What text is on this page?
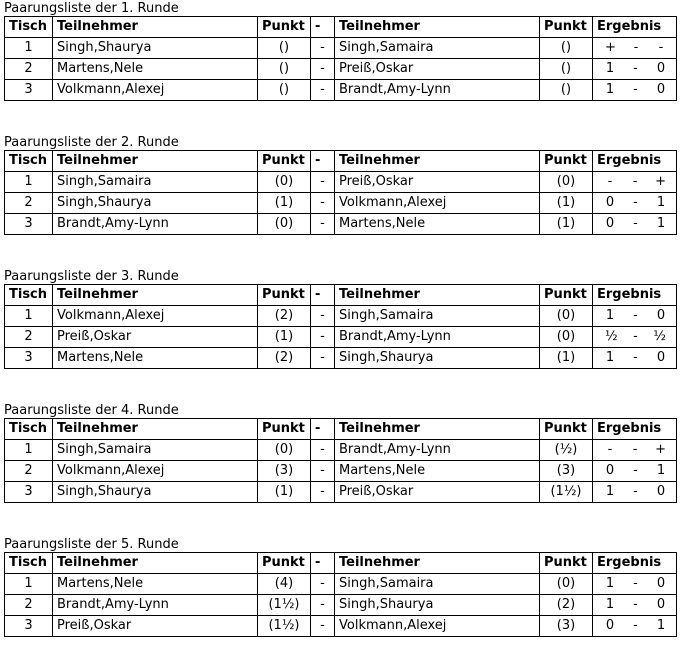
Paarungsliste der 1. Runde
Tisch	Teilnehmer	Punkt	-	Teilnehmer	Punkt	Ergebnis
1	Singh,Shaurya	()	-	Singh,Samaira	()	+ - -

2	Martens,Nele	()	-	Preiß,Oskar	()	1 - 0

3	Volkmann,Alexej	()	-	Brandt,Amy-Lynn	()	1 - 0
Paarungsliste der 2. Runde
Tisch	Teilnehmer	Punkt	-	Teilnehmer	Punkt	Ergebnis
1	Singh,Samaira	(0)	-	Preiß,Oskar	(0)	- - +

2	Singh,Shaurya	(1)	-	Volkmann,Alexej	(1)	0 - 1

3	Brandt,Amy-Lynn	(0)	-	Martens,Nele	(1)	0 - 1
Paarungsliste der 3. Runde
Tisch	Teilnehmer	Punkt	-	Teilnehmer	Punkt	Ergebnis
1	Volkmann,Alexej	(2)	-	Singh,Samaira	(0)	1 - 0

2	Preiß,Oskar	(1)	-	Brandt,Amy-Lynn	(0)	½ - ½

3	Martens,Nele	(2)	-	Singh,Shaurya	(1)	1 - 0
Paarungsliste der 4. Runde
Tisch	Teilnehmer	Punkt	-	Teilnehmer	Punkt	Ergebnis
1	Singh,Samaira	(0)	-	Brandt,Amy-Lynn	(½)	- - +

2	Volkmann,Alexej	(3)	-	Martens,Nele	(3)	0 - 1

3	Singh,Shaurya	(1)	-	Preiß,Oskar	(1½)	1 - 0
Paarungsliste der 5. Runde
Tisch	Teilnehmer	Punkt	-	Teilnehmer	Punkt	Ergebnis
1	Martens,Nele	(4)	-	Singh,Samaira	(0)	1 - 0

2	Brandt,Amy-Lynn	(1½)	-	Singh,Shaurya	(2)	1 - 0

3	Preiß,Oskar	(1½)	-	Volkmann,Alexej	(3)	0 - 1
